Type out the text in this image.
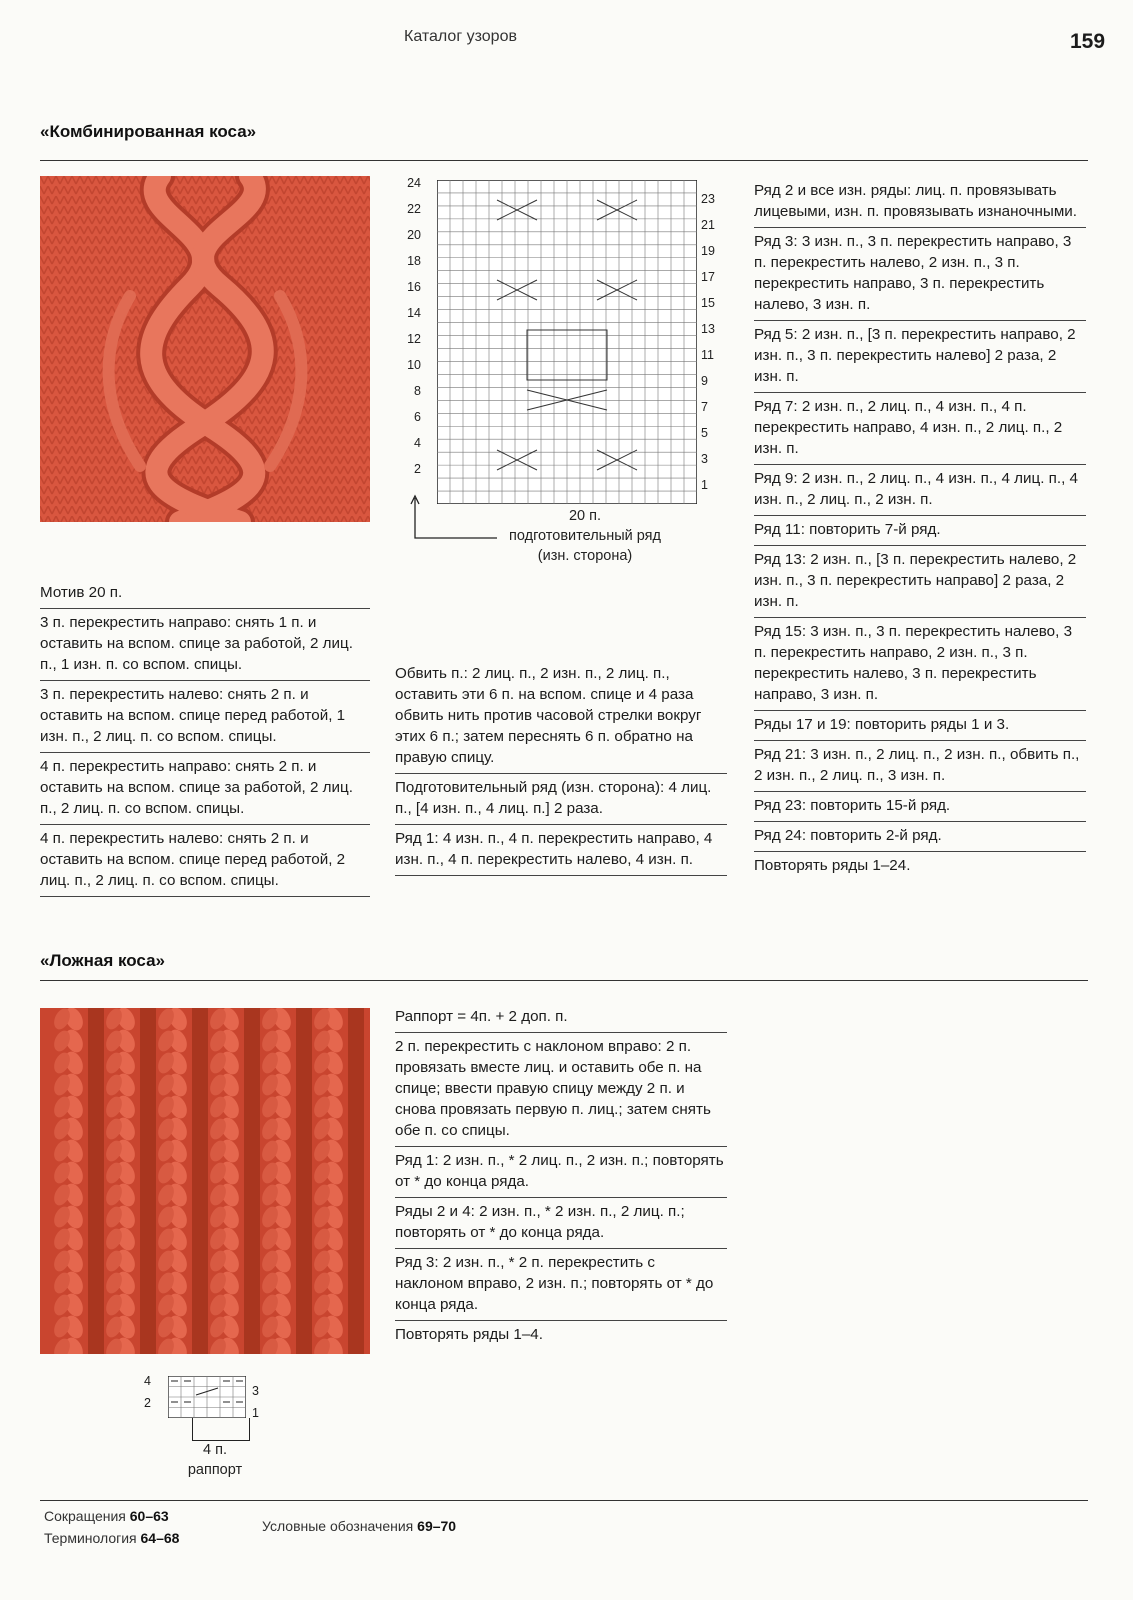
Каталог узоров	159
«Комбинированная коса»
24
22
20
18
16
14
12
10
8
6
4
2
23
21
19
17
15
13
11
9
7
5
3
1
20 п.
подготовительный ряд
(изн. сторона)
Мотив 20 п.
3 п. перекрестить направо: снять 1 п. и оставить на вспом. спице за работой, 2 лиц. п., 1 изн. п. со вспом. спицы.
3 п. перекрестить налево: снять 2 п. и оставить на вспом. спице перед работой, 1 изн. п., 2 лиц. п. со вспом. спицы.
4 п. перекрестить направо: снять 2 п. и оставить на вспом. спице за работой, 2 лиц. п., 2 лиц. п. со вспом. спицы.
4 п. перекрестить налево: снять 2 п. и оставить на вспом. спице перед работой, 2 лиц. п., 2 лиц. п. со вспом. спицы.
Обвить п.: 2 лиц. п., 2 изн. п., 2 лиц. п., оставить эти 6 п. на вспом. спице и 4 раза обвить нить против часовой стрелки вокруг этих 6 п.; затем переснять 6 п. обратно на правую спицу.
Подготовительный ряд (изн. сторона): 4 лиц. п., [4 изн. п., 4 лиц. п.] 2 раза.
Ряд 1: 4 изн. п., 4 п. перекрестить направо, 4 изн. п., 4 п. перекрестить налево, 4 изн. п.
Ряд 2 и все изн. ряды: лиц. п. провязывать лицевыми, изн. п. провязывать изнаночными.
Ряд 3: 3 изн. п., 3 п. перекрестить направо, 3 п. перекрестить налево, 2 изн. п., 3 п. перекрестить направо, 3 п. перекрестить налево, 3 изн. п.
Ряд 5: 2 изн. п., [3 п. перекрестить направо, 2 изн. п., 3 п. перекрестить налево] 2 раза, 2 изн. п.
Ряд 7: 2 изн. п., 2 лиц. п., 4 изн. п., 4 п. перекрестить направо, 4 изн. п., 2 лиц. п., 2 изн. п.
Ряд 9: 2 изн. п., 2 лиц. п., 4 изн. п., 4 лиц. п., 4 изн. п., 2 лиц. п., 2 изн. п.
Ряд 11: повторить 7-й ряд.
Ряд 13: 2 изн. п., [3 п. перекрестить налево, 2 изн. п., 3 п. перекрестить направо] 2 раза, 2 изн. п.
Ряд 15: 3 изн. п., 3 п. перекрестить налево, 3 п. перекрестить направо, 2 изн. п., 3 п. перекрестить налево, 3 п. перекрестить направо, 3 изн. п.
Ряды 17 и 19: повторить ряды 1 и 3.
Ряд 21: 3 изн. п., 2 лиц. п., 2 изн. п., обвить п., 2 изн. п., 2 лиц. п., 3 изн. п.
Ряд 23: повторить 15-й ряд.
Ряд 24: повторить 2-й ряд.
Повторять ряды 1–24.
«Ложная коса»
4
2
3
1
4 п.
раппорт
Раппорт = 4п. + 2 доп. п.
2 п. перекрестить с наклоном вправо: 2 п. провязать вместе лиц. и оставить обе п. на спице; ввести правую спицу между 2 п. и снова провязать первую п. лиц.; затем снять обе п. со спицы.
Ряд 1: 2 изн. п., * 2 лиц. п., 2 изн. п.; повторять от * до конца ряда.
Ряды 2 и 4: 2 изн. п., * 2 изн. п., 2 лиц. п.; повторять от * до конца ряда.
Ряд 3: 2 изн. п., * 2 п. перекрестить с наклоном вправо, 2 изн. п.; повторять от * до конца ряда.
Повторять ряды 1–4.
Сокращения 60–63
Терминология 64–68
Условные обозначения 69–70
